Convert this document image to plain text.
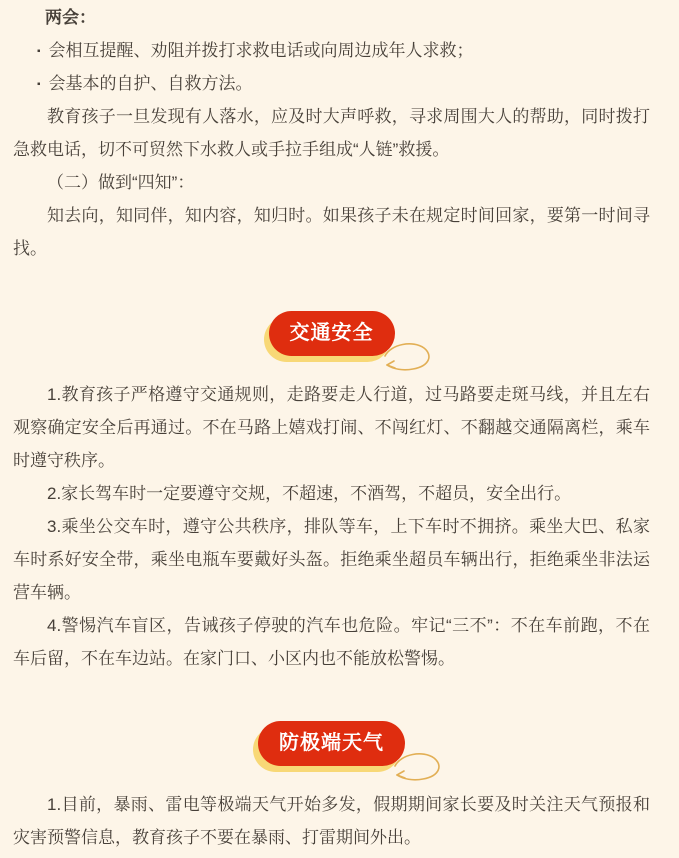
两会：

▪ 会相互提醒、劝阻并拨打求救电话或向周边成年人求救；

▪ 会基本的自护、自救方法。

教育孩子一旦发现有人落水，应及时大声呼救，寻求周围大人的帮助，同时拨打急救电话，切不可贸然下水救人或手拉手组成“人链”救援。

（二）做到“四知”：

知去向，知同伴，知内容，知归时。如果孩子未在规定时间回家，要第一时间寻找。

交通安全

1.教育孩子严格遵守交通规则，走路要走人行道，过马路要走斑马线，并且左右观察确定安全后再通过。不在马路上嬉戏打闹、不闯红灯、不翻越交通隔离栏，乘车时遵守秩序。

2.家长驾车时一定要遵守交规，不超速，不酒驾，不超员，安全出行。

3.乘坐公交车时，遵守公共秩序，排队等车，上下车时不拥挤。乘坐大巴、私家车时系好安全带，乘坐电瓶车要戴好头盔。拒绝乘坐超员车辆出行，拒绝乘坐非法运营车辆。

4.警惕汽车盲区，告诫孩子停驶的汽车也危险。牢记“三不”：不在车前跑，不在车后留，不在车边站。在家门口、小区内也不能放松警惕。

防极端天气

1.目前，暴雨、雷电等极端天气开始多发，假期期间家长要及时关注天气预报和灾害预警信息，教育孩子不要在暴雨、打雷期间外出。
